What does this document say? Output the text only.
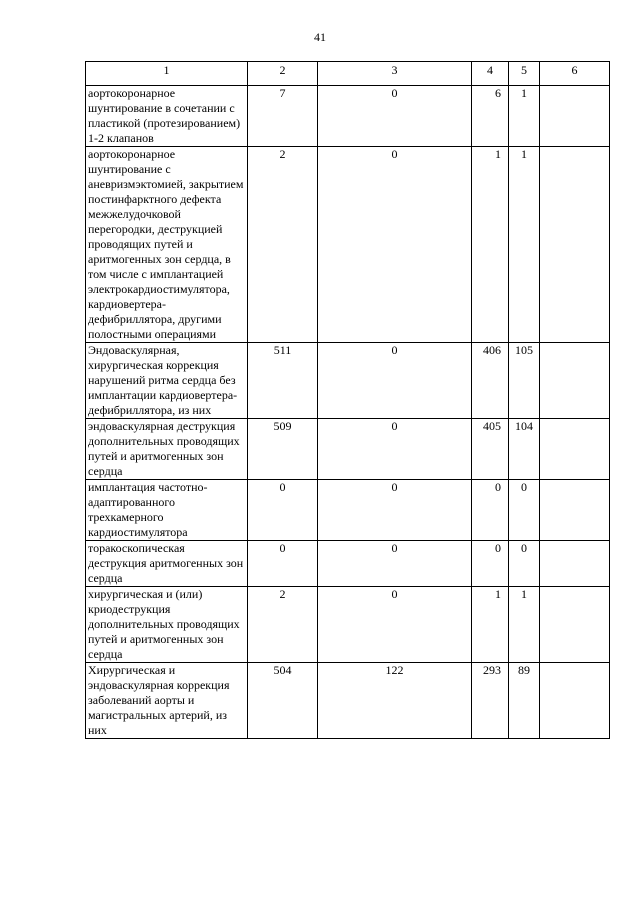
41
1	2	3	4	5	6
аортокоронарное шунтирование в сочетании с пластикой (протезированием) 1-2 клапанов	7	0	6	1	
аортокоронарное шунтирование с аневризмэктомией, закрытием постинфарктного дефекта межжелудочковой перегородки, деструкцией проводящих путей и аритмогенных зон сердца, в том числе с имплантацией электрокардиостимулятора, кардиовертера-дефибриллятора, другими полостными операциями	2	0	1	1	
Эндоваскулярная, хирургическая коррекция нарушений ритма сердца без имплантации кардиовертера-дефибриллятора, из них	511	0	406	105	
эндоваскулярная деструкция дополнительных проводящих путей и аритмогенных зон сердца	509	0	405	104	
имплантация частотно-адаптированного трехкамерного кардиостимулятора	0	0	0	0	
торакоскопическая деструкция аритмогенных зон сердца	0	0	0	0	
хирургическая и (или) криодеструкция дополнительных проводящих путей и аритмогенных зон сердца	2	0	1	1	
Хирургическая и эндоваскулярная коррекция заболеваний аорты и магистральных артерий, из них	504	122	293	89	
